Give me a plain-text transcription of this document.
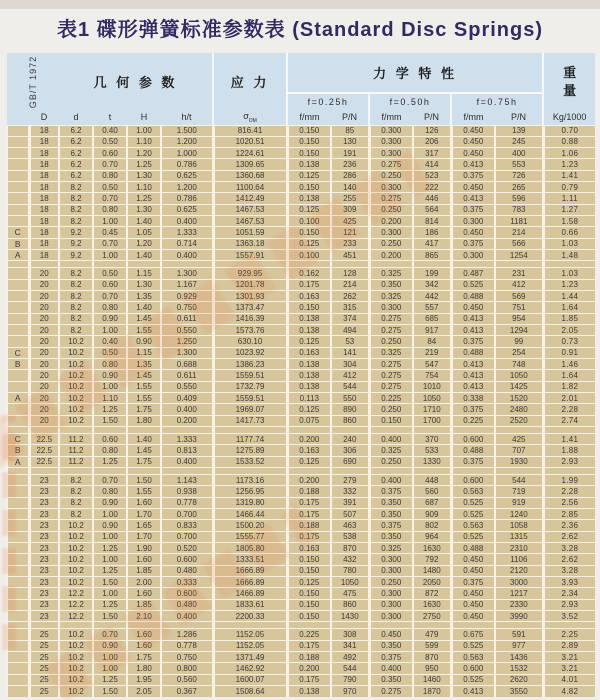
表1 碟形弹簧标准参数表 (Standard Disc Springs)
GB/T 1972		几 何 参 数				应 力	力 学 特 性						重
量

							f=0.25h		f=0.50h		f=0.75h		
	D	d	t	H	h/t	$\sigma_{OM}$	f/mm	P/N	f/mm	P/N	f/mm	P/N	Kg/1000
	18	6.2	0.40	1.00	1.500	816.41	0.150	85	0.300	126	0.450	139	0.70
	18	6.2	0.50	1.10	1.200	1020.51	0.150	130	0.300	206	0.450	245	0.88
	18	6.2	0.60	1.20	1.000	1224.61	0.150	191	0.300	317	0.450	400	1.06
	18	6.2	0.70	1.25	0.786	1309.65	0.138	236	0.275	414	0.413	553	1.23
	18	6.2	0.80	1.30	0.625	1360.68	0.125	286	0.250	523	0.375	726	1.41
	18	8.2	0.50	1.10	1.200	1100.64	0.150	140	0.300	222	0.450	265	0.79
	18	8.2	0.70	1.25	0.786	1412.49	0.138	255	0.275	446	0.413	596	1.11
	18	8.2	0.80	1.30	0.625	1467.53	0.125	309	0.250	564	0.375	783	1.27
	18	8.2	1.00	1.40	0.400	1467.53	0.100	425	0.200	814	0.300	1181	1.58
C	18	9.2	0.45	1.05	1.333	1051.59	0.150	121	0.300	186	0.450	214	0.66
B	18	9.2	0.70	1.20	0.714	1363.18	0.125	233	0.250	417	0.375	566	1.03
A	18	9.2	1.00	1.40	0.400	1557.91	0.100	451	0.200	865	0.300	1254	1.48

	20	8.2	0.50	1.15	1.300	929.95	0.162	128	0.325	199	0.487	231	1.03
	20	8.2	0.60	1.30	1.167	1201.78	0.175	214	0.350	342	0.525	412	1.23
	20	8.2	0.70	1.35	0.929	1301.93	0.163	262	0.325	442	0.488	569	1.44
	20	8.2	0.80	1.40	0.750	1373.47	0.150	315	0.300	557	0.450	751	1.64
	20	8.2	0.90	1.45	0.611	1416.39	0.138	374	0.275	685	0.413	954	1.85
	20	8.2	1.00	1.55	0.550	1573.76	0.138	494	0.275	917	0.413	1294	2.05
	20	10.2	0.40	0.90	1.250	630.10	0.125	53	0.250	84	0.375	99	0.73
C	20	10.2	0.50	1.15	1.300	1023.92	0.163	141	0.325	219	0.488	254	0.91
B	20	10.2	0.80	1.35	0.688	1386.23	0.138	304	0.275	547	0.413	748	1.46
	20	10.2	0.90	1.45	0.611	1559.51	0.138	412	0.275	754	0.413	1050	1.64
	20	10.2	1.00	1.55	0.550	1732.79	0.138	544	0.275	1010	0.413	1425	1.82
A	20	10.2	1.10	1.55	0.409	1559.51	0.113	550	0.225	1050	0.338	1520	2.01
	20	10.2	1.25	1.75	0.400	1969.07	0.125	890	0.250	1710	0.375	2480	2.28
	20	10.2	1.50	1.80	0.200	1417.73	0.075	860	0.150	1700	0.225	2520	2.74

C	22.5	11.2	0.60	1.40	1.333	1177.74	0.200	240	0.400	370	0.600	425	1.41
B	22.5	11.2	0.80	1.45	0.813	1275.89	0.163	306	0.325	533	0.488	707	1.88
A	22.5	11.2	1.25	1.75	0.400	1533.52	0.125	690	0.250	1330	0.375	1930	2.93

	23	8.2	0.70	1.50	1.143	1173.16	0.200	279	0.400	448	0.600	544	1.99
	23	8.2	0.80	1.55	0.938	1256.95	0.188	332	0.375	560	0.563	719	2.28
	23	8.2	0.90	1.60	0.778	1319.80	0.175	391	0.350	687	0.525	919	2.56
	23	8.2	1.00	1.70	0.700	1466.44	0.175	507	0.350	909	0.525	1240	2.85
	23	10.2	0.90	1.65	0.833	1500.20	0.188	463	0.375	802	0.563	1058	2.36
	23	10.2	1.00	1.70	0.700	1555.77	0.175	538	0.350	964	0.525	1315	2.62
	23	10.2	1.25	1.90	0.520	1805.80	0.163	870	0.325	1630	0.488	2310	3.28
	23	10.2	1.00	1.60	0.600	1333.51	0.150	432	0.300	792	0.450	1106	2.62
	23	10.2	1.25	1.85	0.480	1666.89	0.150	780	0.300	1480	0.450	2120	3.28
	23	10.2	1.50	2.00	0.333	1666.89	0.125	1050	0.250	2050	0.375	3000	3.93
	23	12.2	1.00	1.60	0.600	1466.89	0.150	475	0.300	872	0.450	1217	2.34
	23	12.2	1.25	1.85	0.480	1833.61	0.150	860	0.300	1630	0.450	2330	2.93
	23	12.2	1.50	2.10	0.400	2200.33	0.150	1430	0.300	2750	0.450	3990	3.52

	25	10.2	0.70	1.60	1.286	1152.05	0.225	308	0.450	479	0.675	591	2.25
	25	10.2	0.90	1.60	0.778	1152.05	0.175	341	0.350	599	0.525	977	2.89
	25	10.2	1.00	1.75	0.750	1371.49	0.188	492	0.375	870	0.563	1436	3.21
	25	10.2	1.00	1.80	0.800	1462.92	0.200	544	0.400	950	0.600	1532	3.21
	25	10.2	1.25	1.95	0.560	1600.07	0.175	790	0.350	1460	0.525	2620	4.01
	25	10.2	1.50	2.05	0.367	1508.64	0.138	970	0.275	1870	0.413	3550	4.82
